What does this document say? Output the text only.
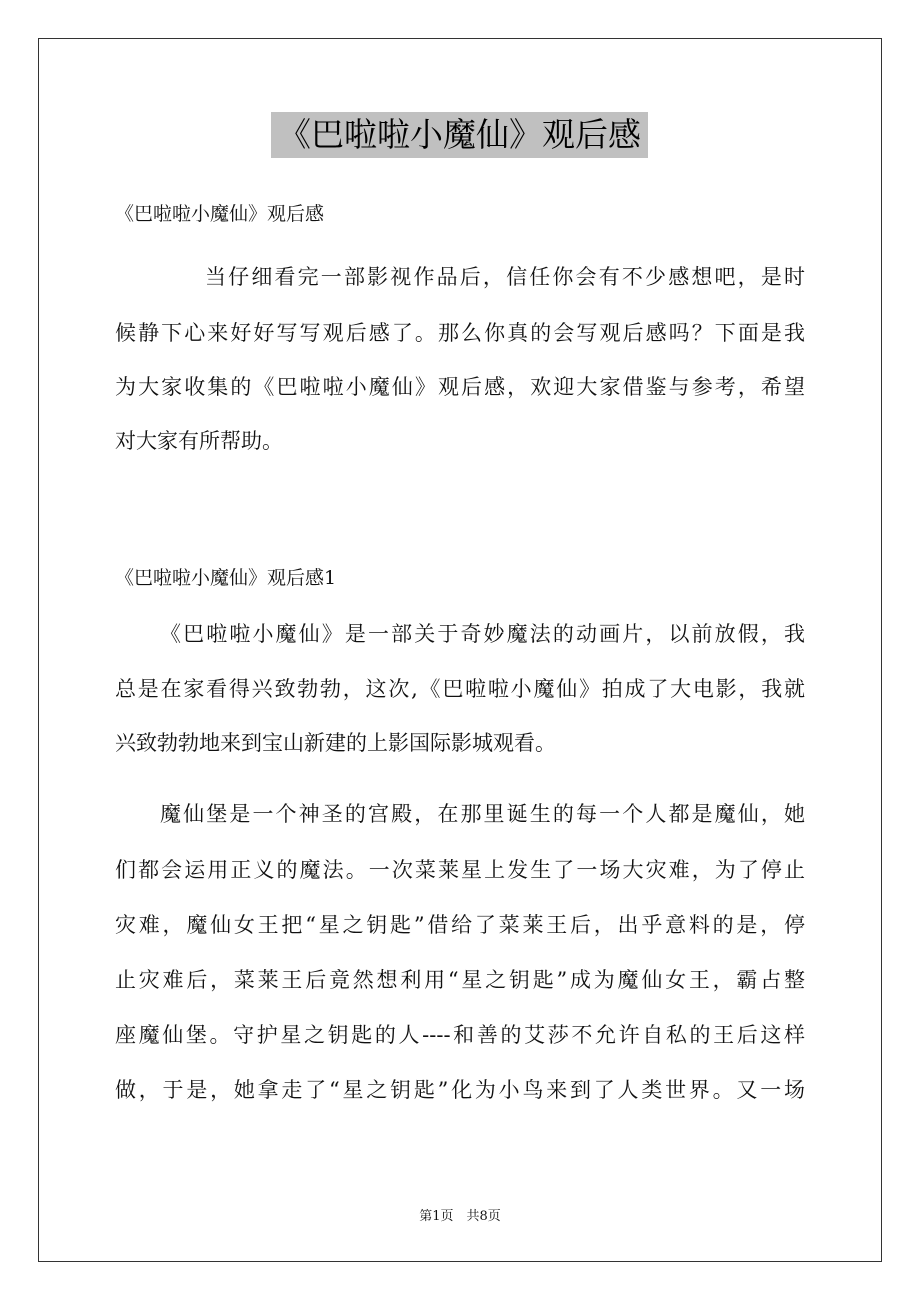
《巴啦啦小魔仙》观后感
《巴啦啦小魔仙》观后感
当仔细看完一部影视作品后，信任你会有不少感想吧，是时
候静下心来好好写写观后感了。那么你真的会写观后感吗？下面是我
为大家收集的《巴啦啦小魔仙》观后感，欢迎大家借鉴与参考，希望
对大家有所帮助。
《巴啦啦小魔仙》观后感1
《巴啦啦小魔仙》是一部关于奇妙魔法的动画片，以前放假，我
总是在家看得兴致勃勃，这次,《巴啦啦小魔仙》拍成了大电影，我就
兴致勃勃地来到宝山新建的上影国际影城观看。
魔仙堡是一个神圣的宫殿，在那里诞生的每一个人都是魔仙，她
们都会运用正义的魔法。一次菜莱星上发生了一场大灾难，为了停止
灾难，魔仙女王把“星之钥匙”借给了菜莱王后，出乎意料的是，停
止灾难后，菜莱王后竟然想利用“星之钥匙”成为魔仙女王，霸占整
座魔仙堡。守护星之钥匙的人----和善的艾莎不允许自私的王后这样
做，于是，她拿走了“星之钥匙”化为小鸟来到了人类世界。又一场
第1页　共8页
